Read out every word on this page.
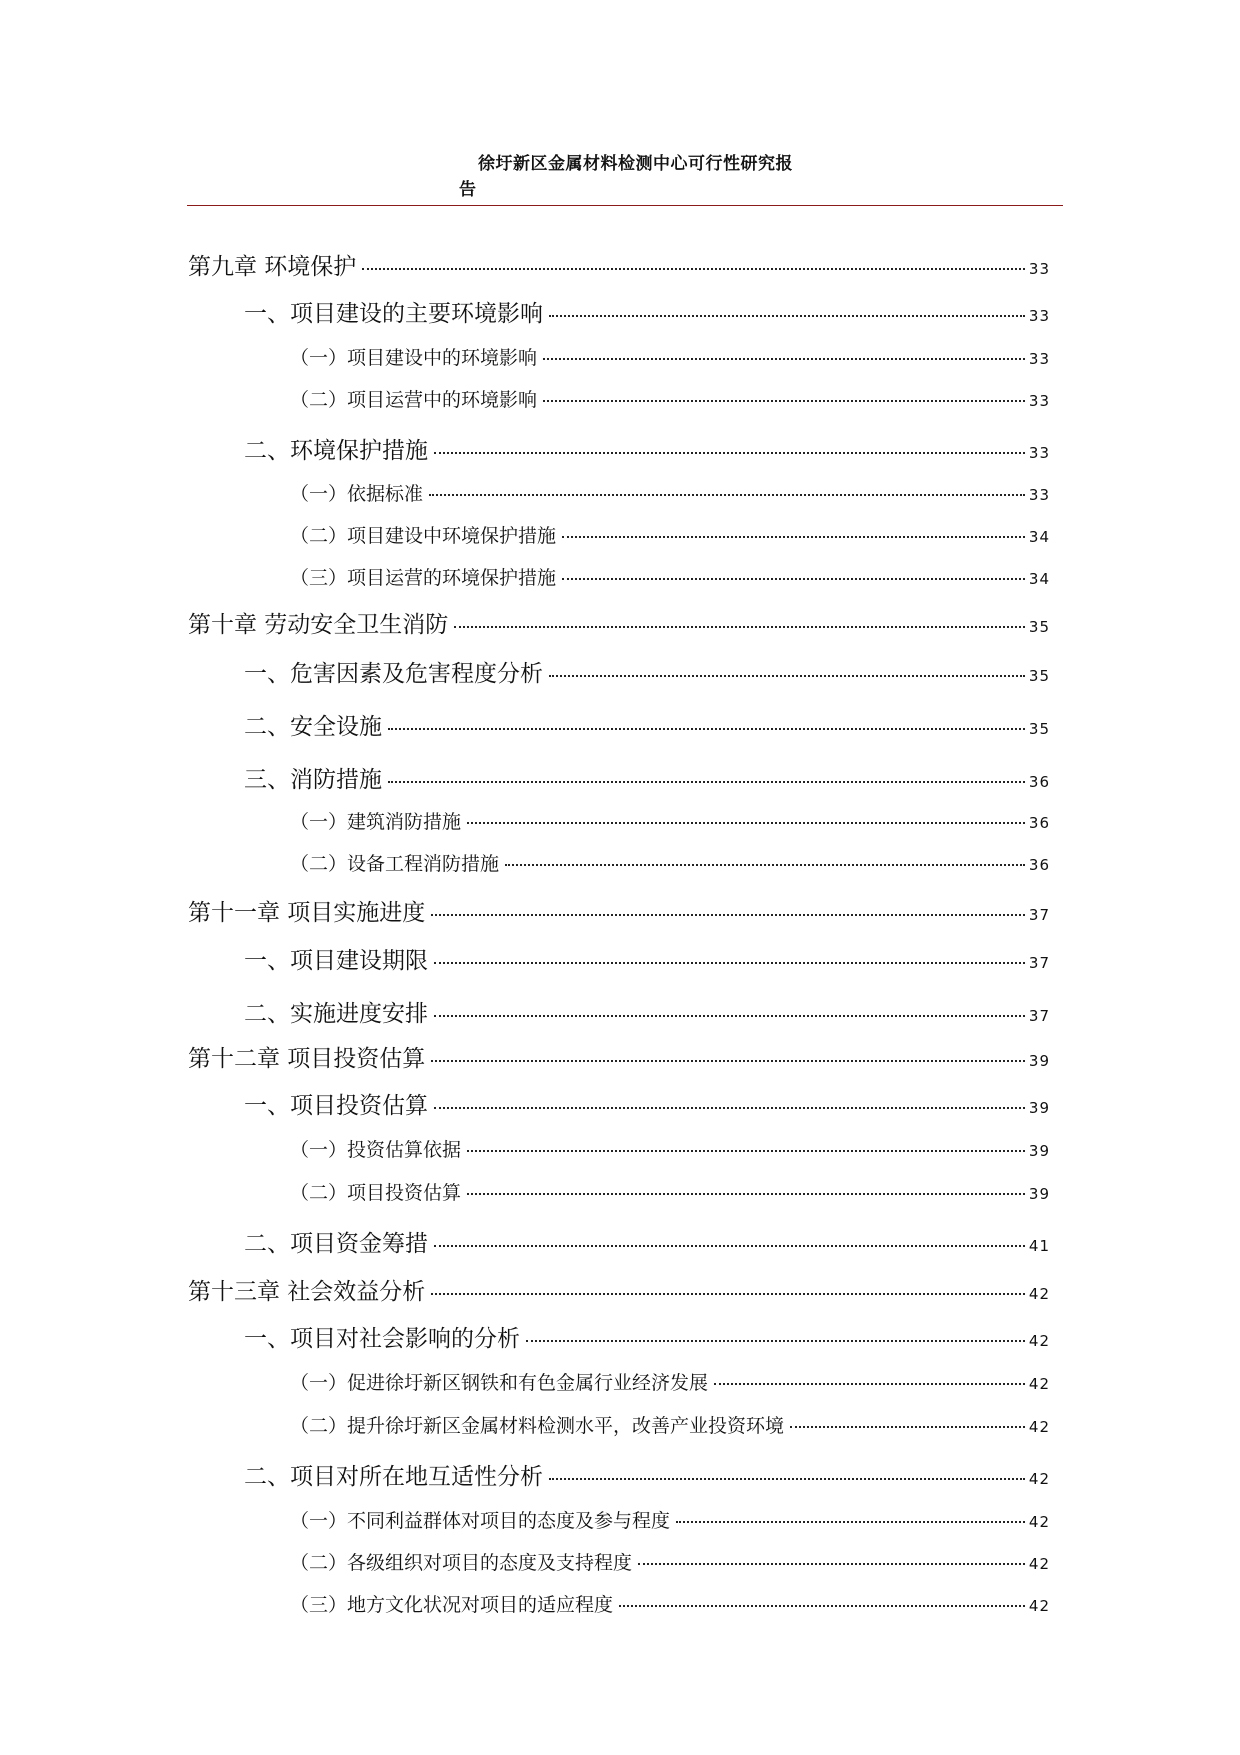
徐圩新区金属材料检测中心可行性研究报
告
第九章 环境保护	33
一、项目建设的主要环境影响	33
（一）项目建设中的环境影响	33
（二）项目运营中的环境影响	33
二、环境保护措施	33
（一）依据标准	33
（二）项目建设中环境保护措施	34
（三）项目运营的环境保护措施	34
第十章 劳动安全卫生消防	35
一、危害因素及危害程度分析	35
二、安全设施	35
三、消防措施	36
（一）建筑消防措施	36
（二）设备工程消防措施	36
第十一章 项目实施进度	37
一、项目建设期限	37
二、实施进度安排	37
第十二章 项目投资估算	39
一、项目投资估算	39
（一）投资估算依据	39
（二）项目投资估算	39
二、项目资金筹措	41
第十三章 社会效益分析	42
一、项目对社会影响的分析	42
（一）促进徐圩新区钢铁和有色金属行业经济发展	42
（二）提升徐圩新区金属材料检测水平，改善产业投资环境	42
二、项目对所在地互适性分析	42
（一）不同利益群体对项目的态度及参与程度	42
（二）各级组织对项目的态度及支持程度	42
（三）地方文化状况对项目的适应程度	42
